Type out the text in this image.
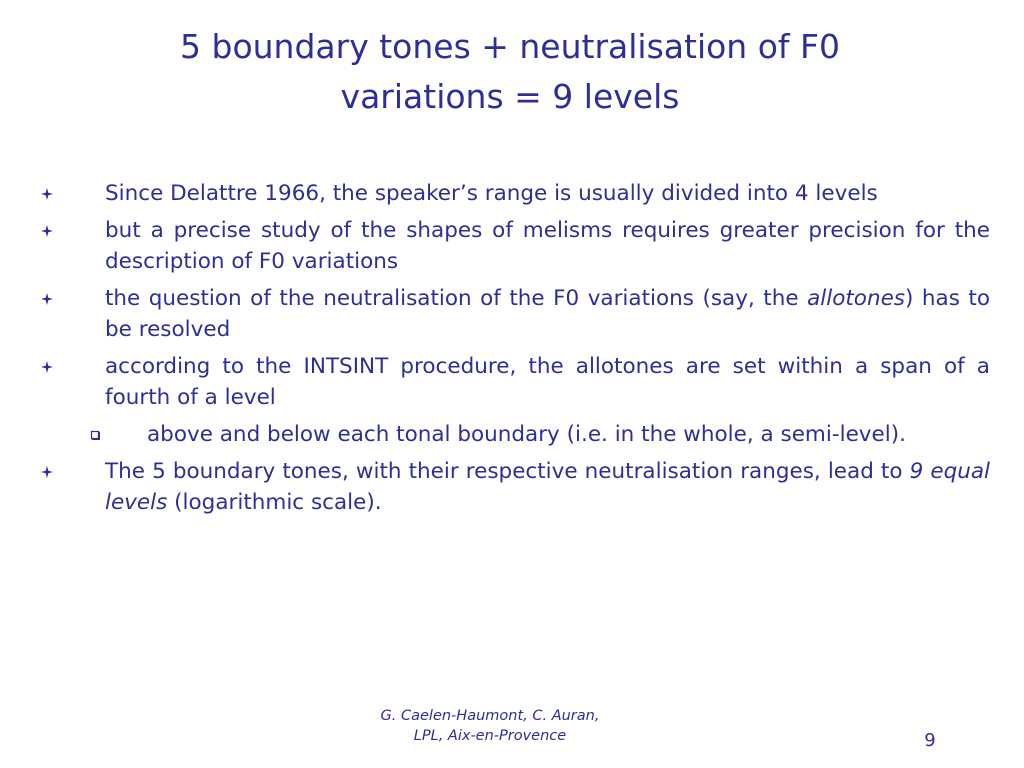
5 boundary tones + neutralisation of F0
variations = 9 levels
Since Delattre 1966, the speaker’s range is usually divided into 4 levels
but a precise study of the shapes of melisms requires greater precision for the description of F0 variations
the question of the neutralisation of the F0 variations (say, the allotones) has to be resolved
according to the INTSINT procedure, the allotones are set within a span of a fourth of a level
above and below each tonal boundary (i.e. in the whole, a semi-level).
The 5 boundary tones, with their respective neutralisation ranges, lead to 9 equal levels (logarithmic scale).
G. Caelen-Haumont, C. Auran,
LPL, Aix-en-Provence	9
